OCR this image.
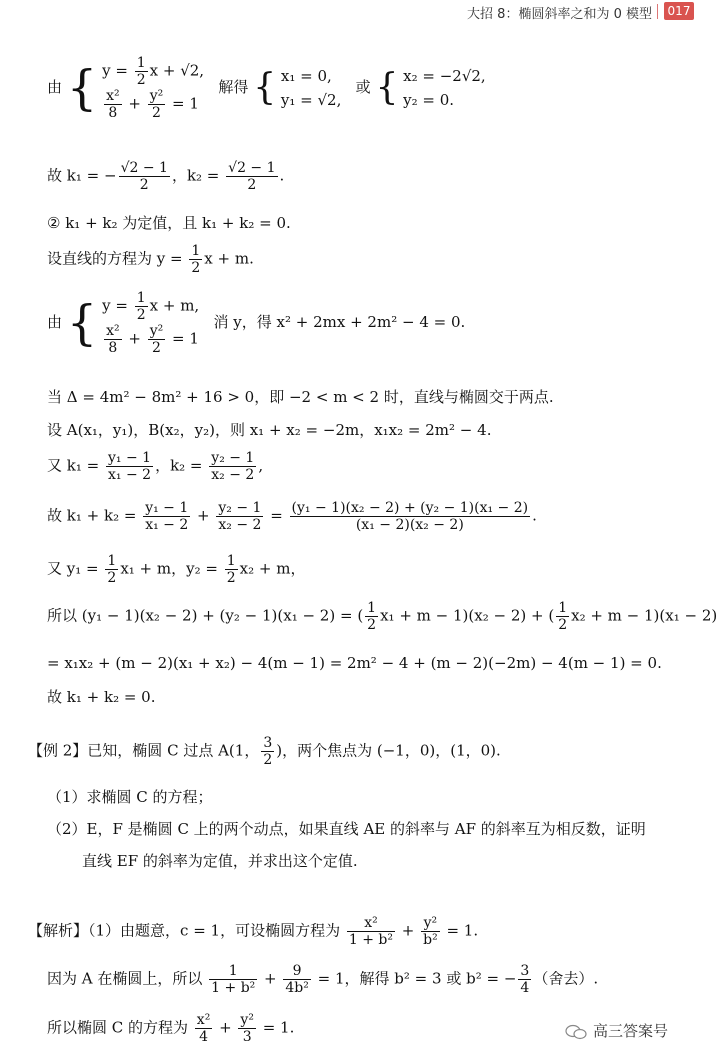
大招 8：椭圆斜率之和为 0 模型 017
由 { $y = \frac{1}{2}$ x + √2,
$\frac{\text{x²}}{8} + \frac{\text{y²}}{2} = 1$
解得 { x₁ = 0,
y₁ = √2,
或 { x₂ = −2√2,
y₂ = 0.
故 k₁ = − $\frac{√2 - 1}{2}$ ，$k_2 = \frac{√2 - 1}{2}$ .
② k₁ + k₂ 为定值，且 k₁ + k₂ = 0.
设直线的方程为 $y = \frac{1}{2}$ x + m.
由 { $y = \frac{1}{2}$ x + m,
$\frac{\text{x²}}{8} + \frac{\text{y²}}{2} = 1$
消 y，得 x² + 2mx + 2m² − 4 = 0.
当 Δ = 4m² − 8m² + 16 > 0，即 −2 < m < 2 时，直线与椭圆交于两点.
设 A(x₁，y₁)，B(x₂，y₂)，则 x₁ + x₂ = −2m，x₁x₂ = 2m² − 4.
又 $k_1 = \frac{\text{y₁ − 1}}{\text{x₁ − 2}}$ ，$k_2 = \frac{\text{y₂ − 1}}{\text{x₂ − 2}}$ ,
故 $k_1 + k_2 = \frac{\text{y₁ − 1}}{\text{x₁ − 2}} + \frac{\text{y₂ − 1}}{\text{x₂ − 2}} = \frac{\text{(y₁ − 1)(x₂ − 2) + (y₂ − 1)(x₁ − 2)}}{\text{(x₁ − 2)(x₂ − 2)}}$ .
又 $y_1 = \frac{1}{2} x_1 + m$，$y_2 = \frac{1}{2} x_2 + m$，
所以 (y₁ − 1)(x₂ − 2) + (y₂ − 1)(x₁ − 2) = ( $\frac{1}{2} x_1 + m - 1)(x_2 - 2)$ + ( $\frac{1}{2} x_2 + m - 1)(x_1 - 2)$
= x₁x₂ + (m − 2)(x₁ + x₂) − 4(m − 1) = 2m² − 4 + (m − 2)(−2m) − 4(m − 1) = 0.
故 k₁ + k₂ = 0.
【例 2】已知，椭圆 C 过点 A(1， $\frac{3}{2}$ )，两个焦点为 (−1，0)，(1，0).
（1）求椭圆 C 的方程；
（2）E，F 是椭圆 C 上的两个动点，如果直线 AE 的斜率与 AF 的斜率互为相反数，证明
直线 EF 的斜率为定值，并求出这个定值.
【解析】（1）由题意，c = 1，可设椭圆方程为 $\frac{\text{x²}}{\text{1 + b²}} + \frac{\text{y²}}{\text{b²}} = 1$.
因为 A 在椭圆上，所以 $\frac{1}{\text{1 + b²}} + \frac{9}{\text{4b²}} = 1$，解得 b² = 3 或 b² = − $\frac{3}{4}$ （舍去）.
所以椭圆 C 的方程为 $\frac{\text{x²}}{4} + \frac{\text{y²}}{3} = 1$.	高三答案号
